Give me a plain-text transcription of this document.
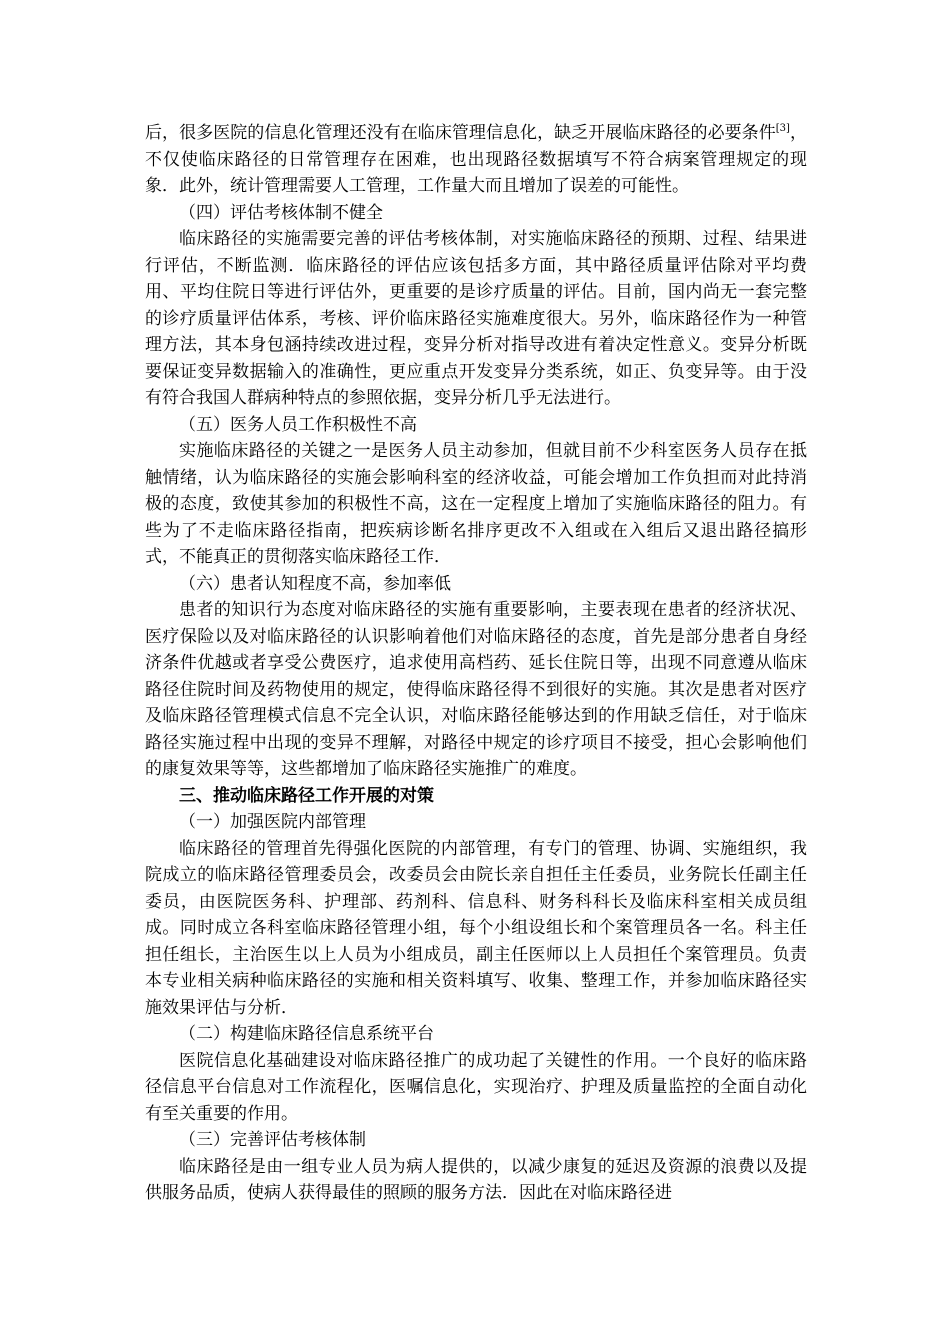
后，很多医院的信息化管理还没有在临床管理信息化，缺乏开展临床路径的必要条件[3]，不仅使临床路径的日常管理存在困难，也出现路径数据填写不符合病案管理规定的现象．此外，统计管理需要人工管理，工作量大而且增加了误差的可能性。

（四）评估考核体制不健全

临床路径的实施需要完善的评估考核体制，对实施临床路径的预期、过程、结果进行评估，不断监测．临床路径的评估应该包括多方面，其中路径质量评估除对平均费用、平均住院日等进行评估外，更重要的是诊疗质量的评估。目前，国内尚无一套完整的诊疗质量评估体系，考核、评价临床路径实施难度很大。另外，临床路径作为一种管理方法，其本身包涵持续改进过程，变异分析对指导改进有着决定性意义。变异分析既要保证变异数据输入的准确性，更应重点开发变异分类系统，如正、负变异等。由于没有符合我国人群病种特点的参照依据，变异分析几乎无法进行。

（五）医务人员工作积极性不高

实施临床路径的关键之一是医务人员主动参加，但就目前不少科室医务人员存在抵触情绪，认为临床路径的实施会影响科室的经济收益，可能会增加工作负担而对此持消极的态度，致使其参加的积极性不高，这在一定程度上增加了实施临床路径的阻力。有些为了不走临床路径指南，把疾病诊断名排序更改不入组或在入组后又退出路径搞形式，不能真正的贯彻落实临床路径工作．

（六）患者认知程度不高，参加率低

患者的知识行为态度对临床路径的实施有重要影响，主要表现在患者的经济状况、医疗保险以及对临床路径的认识影响着他们对临床路径的态度，首先是部分患者自身经济条件优越或者享受公费医疗，追求使用高档药、延长住院日等，出现不同意遵从临床路径住院时间及药物使用的规定，使得临床路径得不到很好的实施。其次是患者对医疗及临床路径管理模式信息不完全认识，对临床路径能够达到的作用缺乏信任，对于临床路径实施过程中出现的变异不理解，对路径中规定的诊疗项目不接受，担心会影响他们的康复效果等等，这些都增加了临床路径实施推广的难度。

三、推动临床路径工作开展的对策

（一）加强医院内部管理

临床路径的管理首先得强化医院的内部管理，有专门的管理、协调、实施组织，我院成立的临床路径管理委员会，改委员会由院长亲自担任主任委员，业务院长任副主任委员，由医院医务科、护理部、药剂科、信息科、财务科科长及临床科室相关成员组成。同时成立各科室临床路径管理小组，每个小组设组长和个案管理员各一名。科主任担任组长，主治医生以上人员为小组成员，副主任医师以上人员担任个案管理员。负责本专业相关病种临床路径的实施和相关资料填写、收集、整理工作，并参加临床路径实施效果评估与分析．

（二）构建临床路径信息系统平台

医院信息化基础建设对临床路径推广的成功起了关键性的作用。一个良好的临床路径信息平台信息对工作流程化，医嘱信息化，实现治疗、护理及质量监控的全面自动化有至关重要的作用。

（三）完善评估考核体制

临床路径是由一组专业人员为病人提供的，以减少康复的延迟及资源的浪费以及提供服务品质，使病人获得最佳的照顾的服务方法．因此在对临床路径进
